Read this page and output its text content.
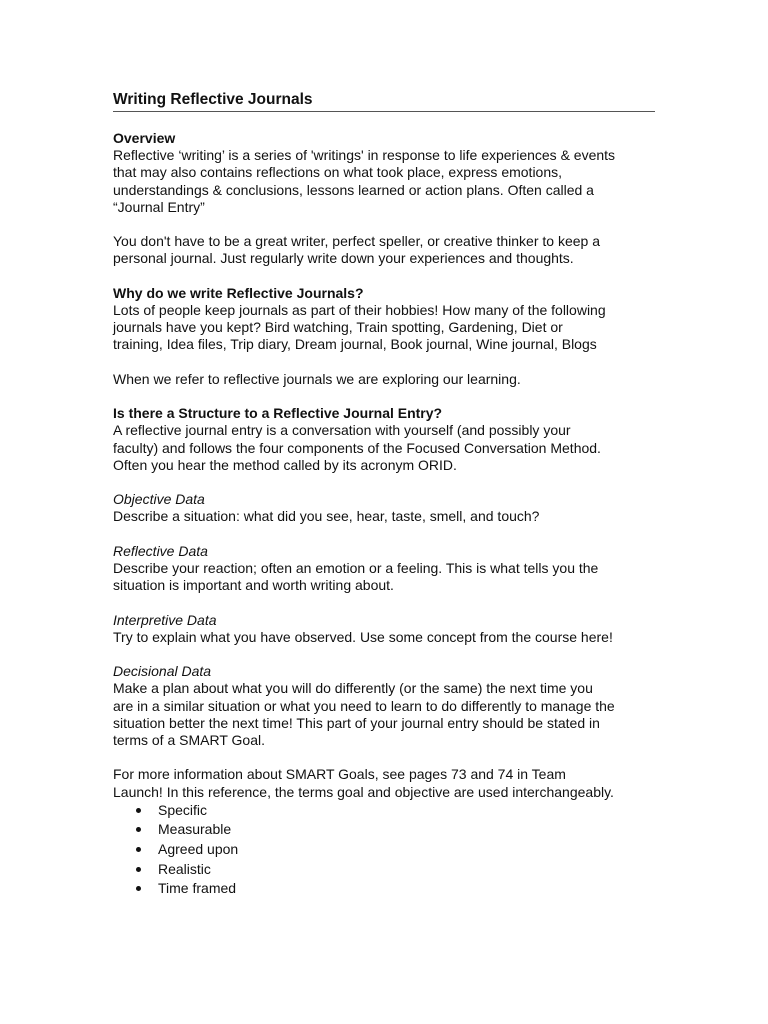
Writing Reflective Journals

Overview

Reflective ‘writing’ is a series of 'writings' in response to life experiences & events

that may also contains reflections on what took place, express emotions,

understandings & conclusions, lessons learned or action plans. Often called a

“Journal Entry”

You don't have to be a great writer, perfect speller, or creative thinker to keep a

personal journal. Just regularly write down your experiences and thoughts.

Why do we write Reflective Journals?

Lots of people keep journals as part of their hobbies! How many of the following

journals have you kept? Bird watching, Train spotting, Gardening, Diet or

training, Idea files, Trip diary, Dream journal, Book journal, Wine journal, Blogs

When we refer to reflective journals we are exploring our learning.

Is there a Structure to a Reflective Journal Entry?

A reflective journal entry is a conversation with yourself (and possibly your

faculty) and follows the four components of the Focused Conversation Method.

Often you hear the method called by its acronym ORID.

Objective Data

Describe a situation: what did you see, hear, taste, smell, and touch?

Reflective Data

Describe your reaction; often an emotion or a feeling. This is what tells you the

situation is important and worth writing about.

Interpretive Data

Try to explain what you have observed. Use some concept from the course here!

Decisional Data

Make a plan about what you will do differently (or the same) the next time you

are in a similar situation or what you need to learn to do differently to manage the

situation better the next time! This part of your journal entry should be stated in

terms of a SMART Goal.

For more information about SMART Goals, see pages 73 and 74 in Team

Launch! In this reference, the terms goal and objective are used interchangeably.

Specific
Measurable
Agreed upon
Realistic
Time framed
